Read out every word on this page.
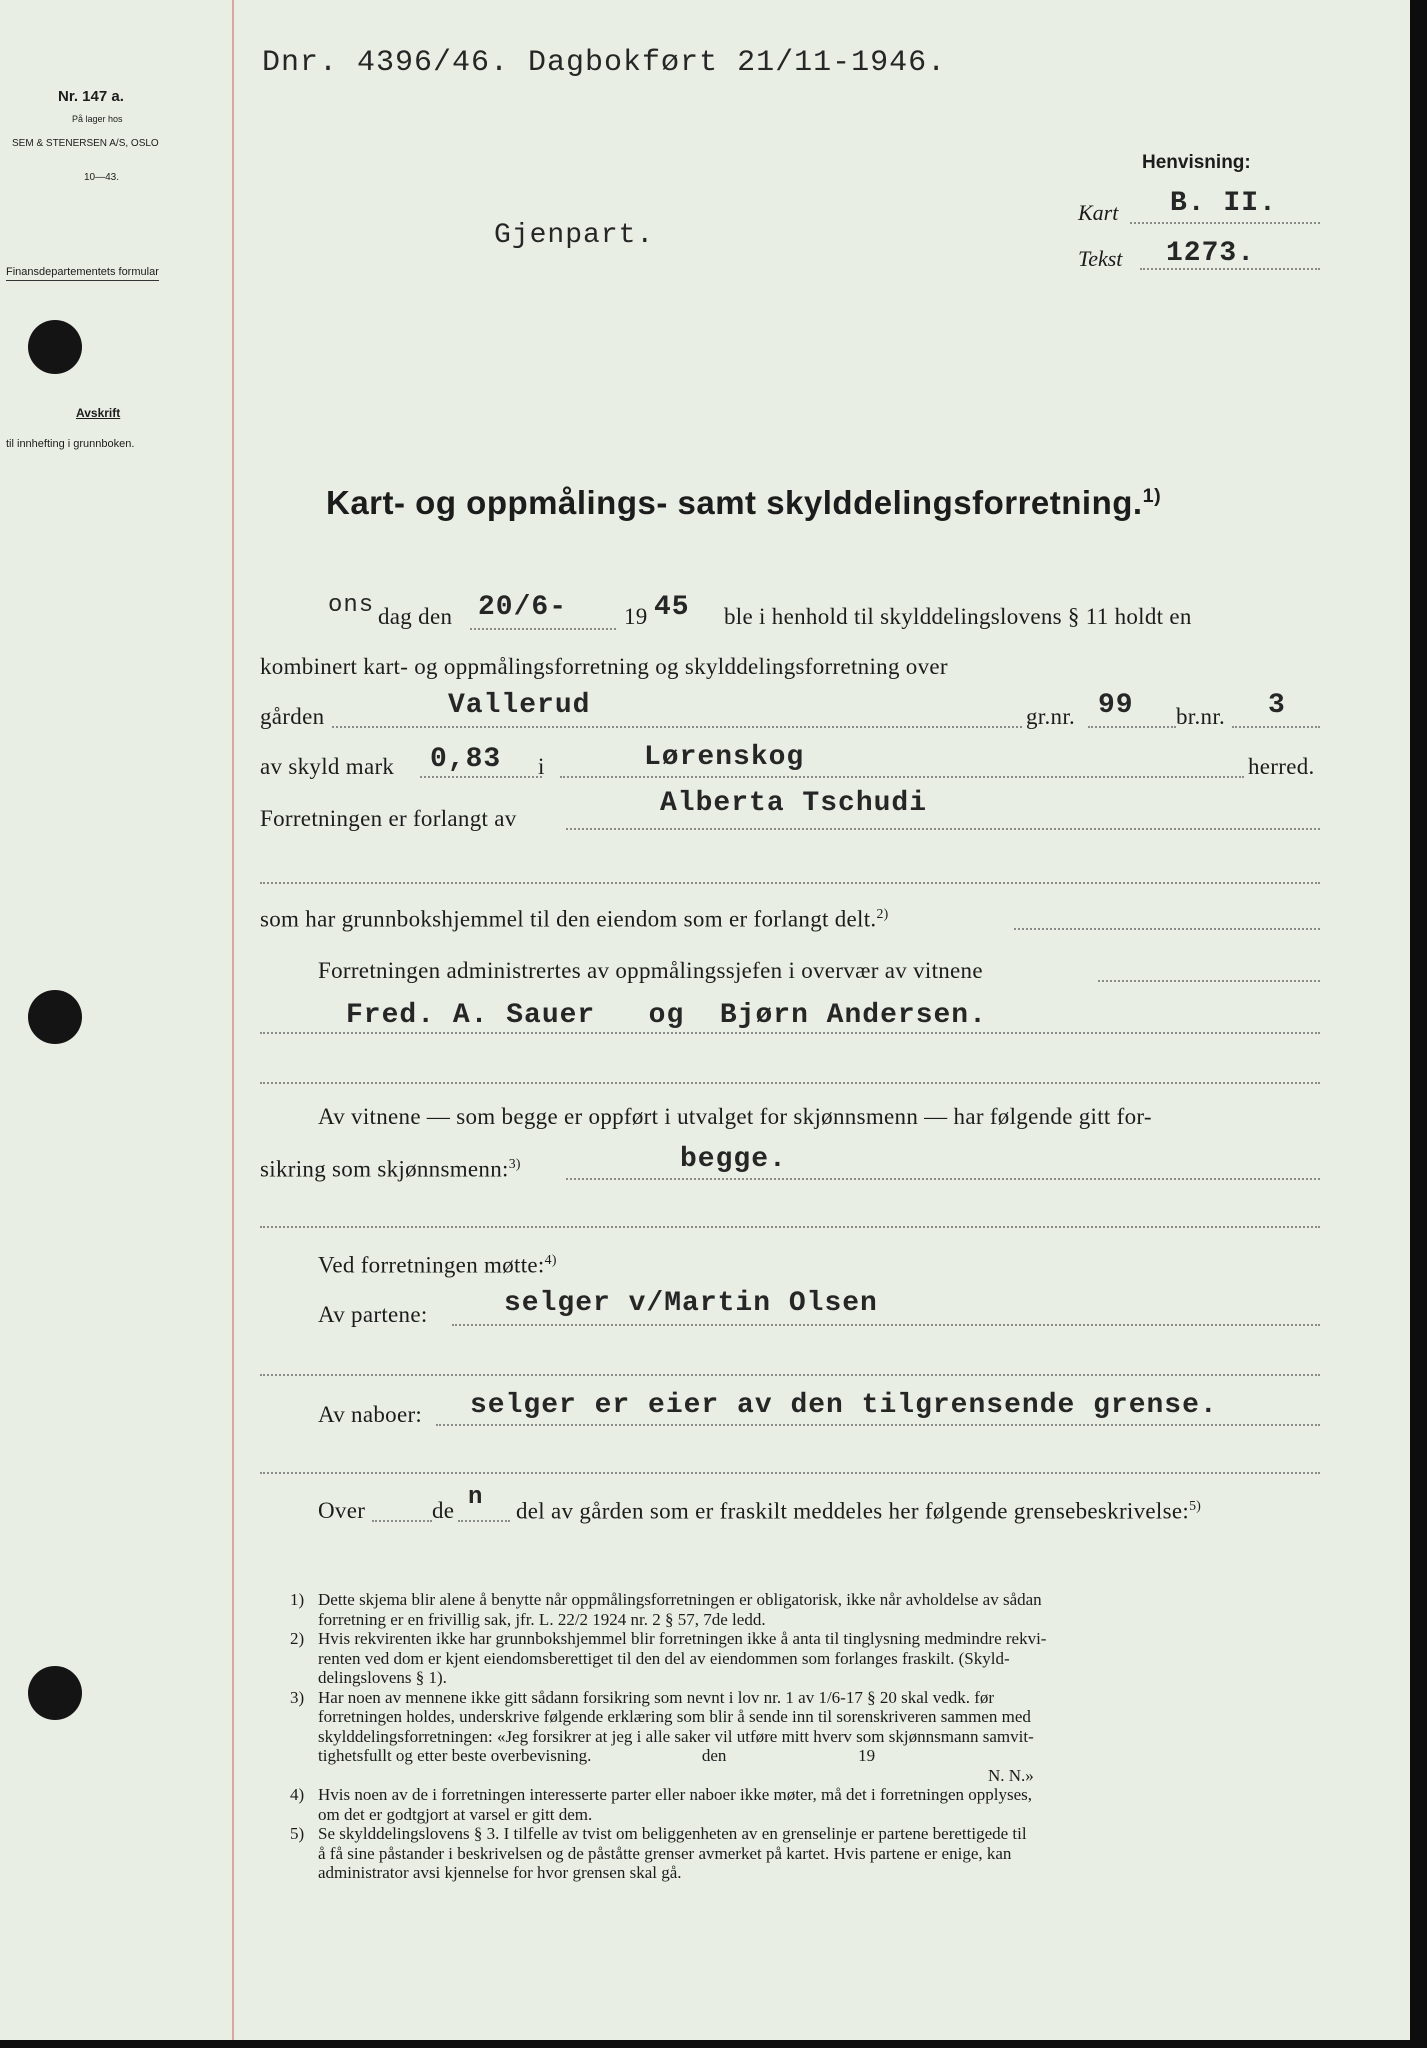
Nr. 147 a.
På lager hos
SEM & STENERSEN A/S, OSLO
10—43.
Finansdepartementets formular
Avskrift
til innhefting i grunnboken.
Dnr. 4396/46. Dagbokført 21/11-1946.
Gjenpart.
Henvisning:
Kart B. II.
Tekst 1273.
Kart- og oppmålings- samt skylddelingsforretning.$^{1)}$
ons dag den 20/6- 19 45 ble i henhold til skylddelingslovens § 11 holdt en
kombinert kart- og oppmålingsforretning og skylddelingsforretning over
gården	Vallerud	gr.nr. 99 br.nr. 3
av skyld mark 0,83 i	Lørenskog	herred.
Forretningen er forlangt av	Alberta Tschudi
som har grunnbokshjemmel til den eiendom som er forlangt delt.$^{2)}$
Forretningen administrertes av oppmålingssjefen i overvær av vitnene
Fred. A. Sauer   og  Bjørn Andersen.
Av vitnene — som begge er oppført i utvalget for skjønnsmenn — har følgende gitt for-
sikring som skjønnsmenn:$^{3)}$	begge.
Ved forretningen møtte:$^{4)}$
Av partene:	selger v/Martin Olsen
Av naboer: selger er eier av den tilgrensende grense.
Over	de n
del av gården som er fraskilt meddeles her følgende grensebeskrivelse:$^{5)}$
1) Dette skjema blir alene å benytte når oppmålingsforretningen er obligatorisk, ikke når avholdelse av sådan
forretning er en frivillig sak, jfr. L. 22/2 1924 nr. 2 § 57, 7de ledd.
2) Hvis rekvirenten ikke har grunnbokshjemmel blir forretningen ikke å anta til tinglysning medmindre rekvi-
renten ved dom er kjent eiendomsberettiget til den del av eiendommen som forlanges fraskilt. (Skyld-
delingslovens § 1).
3) Har noen av mennene ikke gitt sådann forsikring som nevnt i lov nr. 1 av 1/6-17 § 20 skal vedk. før
forretningen holdes, underskrive følgende erklæring som blir å sende inn til sorenskriveren sammen med
skylddelingsforretningen: «Jeg forsikrer at jeg i alle saker vil utføre mitt hverv som skjønnsmann samvit-
tighetsfullt og etter beste overbevisning.                          den                               19
N. N.»
4) Hvis noen av de i forretningen interesserte parter eller naboer ikke møter, må det i forretningen opplyses,
om det er godtgjort at varsel er gitt dem.
5) Se skylddelingslovens § 3. I tilfelle av tvist om beliggenheten av en grenselinje er partene berettigede til
å få sine påstander i beskrivelsen og de påståtte grenser avmerket på kartet. Hvis partene er enige, kan
administrator avsi kjennelse for hvor grensen skal gå.
